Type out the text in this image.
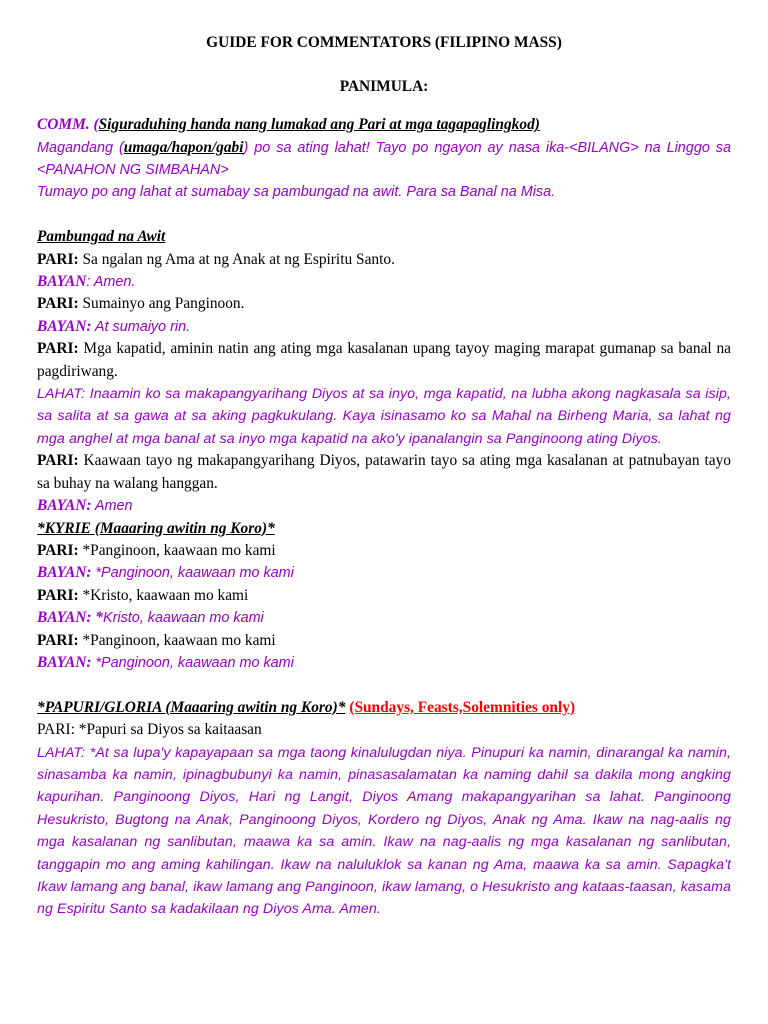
GUIDE FOR COMMENTATORS (FILIPINO MASS)

PANIMULA:

COMM. (Siguraduhing handa nang lumakad ang Pari at mga tagapaglingkod)

Magandang (umaga/hapon/gabi) po sa ating lahat! Tayo po ngayon ay nasa ika-<BILANG> na Linggo sa <PANAHON NG SIMBAHAN>

Tumayo po ang lahat at sumabay sa pambungad na awit. Para sa Banal na Misa.

Pambungad na Awit

PARI: Sa ngalan ng Ama at ng Anak at ng Espiritu Santo.

BAYAN: Amen.

PARI: Sumainyo ang Panginoon.

BAYAN: At sumaiyo rin.

PARI: Mga kapatid, aminin natin ang ating mga kasalanan upang tayoy maging marapat gumanap sa banal na pagdiriwang.

LAHAT: Inaamin ko sa makapangyarihang Diyos at sa inyo, mga kapatid, na lubha akong nagkasala sa isip, sa salita at sa gawa at sa aking pagkukulang. Kaya isinasamo ko sa Mahal na Birheng Maria, sa lahat ng mga anghel at mga banal at sa inyo mga kapatid na ako'y ipanalangin sa Panginoong ating Diyos.

PARI: Kaawaan tayo ng makapangyarihang Diyos, patawarin tayo sa ating mga kasalanan at patnubayan tayo sa buhay na walang hanggan.

BAYAN: Amen

*KYRIE (Maaaring awitin ng Koro)*

PARI: *Panginoon, kaawaan mo kami

BAYAN: *Panginoon, kaawaan mo kami

PARI: *Kristo, kaawaan mo kami

BAYAN: *Kristo, kaawaan mo kami

PARI: *Panginoon, kaawaan mo kami

BAYAN: *Panginoon, kaawaan mo kami

*PAPURI/GLORIA (Maaaring awitin ng Koro)* (Sundays, Feasts,Solemnities only)

PARI: *Papuri sa Diyos sa kaitaasan

LAHAT: *At sa lupa'y kapayapaan sa mga taong kinalulugdan niya. Pinupuri ka namin, dinarangal ka namin, sinasamba ka namin, ipinagbubunyi ka namin, pinasasalamatan ka naming dahil sa dakila mong angking kapurihan. Panginoong Diyos, Hari ng Langit, Diyos Amang makapangyarihan sa lahat. Panginoong Hesukristo, Bugtong na Anak, Panginoong Diyos, Kordero ng Diyos, Anak ng Ama. Ikaw na nag-aalis ng mga kasalanan ng sanlibutan, maawa ka sa amin. Ikaw na nag-aalis ng mga kasalanan ng sanlibutan, tanggapin mo ang aming kahilingan. Ikaw na naluluklok sa kanan ng Ama, maawa ka sa amin. Sapagka't Ikaw lamang ang banal, ikaw lamang ang Panginoon, ikaw lamang, o Hesukristo ang kataas-taasan, kasama ng Espiritu Santo sa kadakilaan ng Diyos Ama. Amen.
